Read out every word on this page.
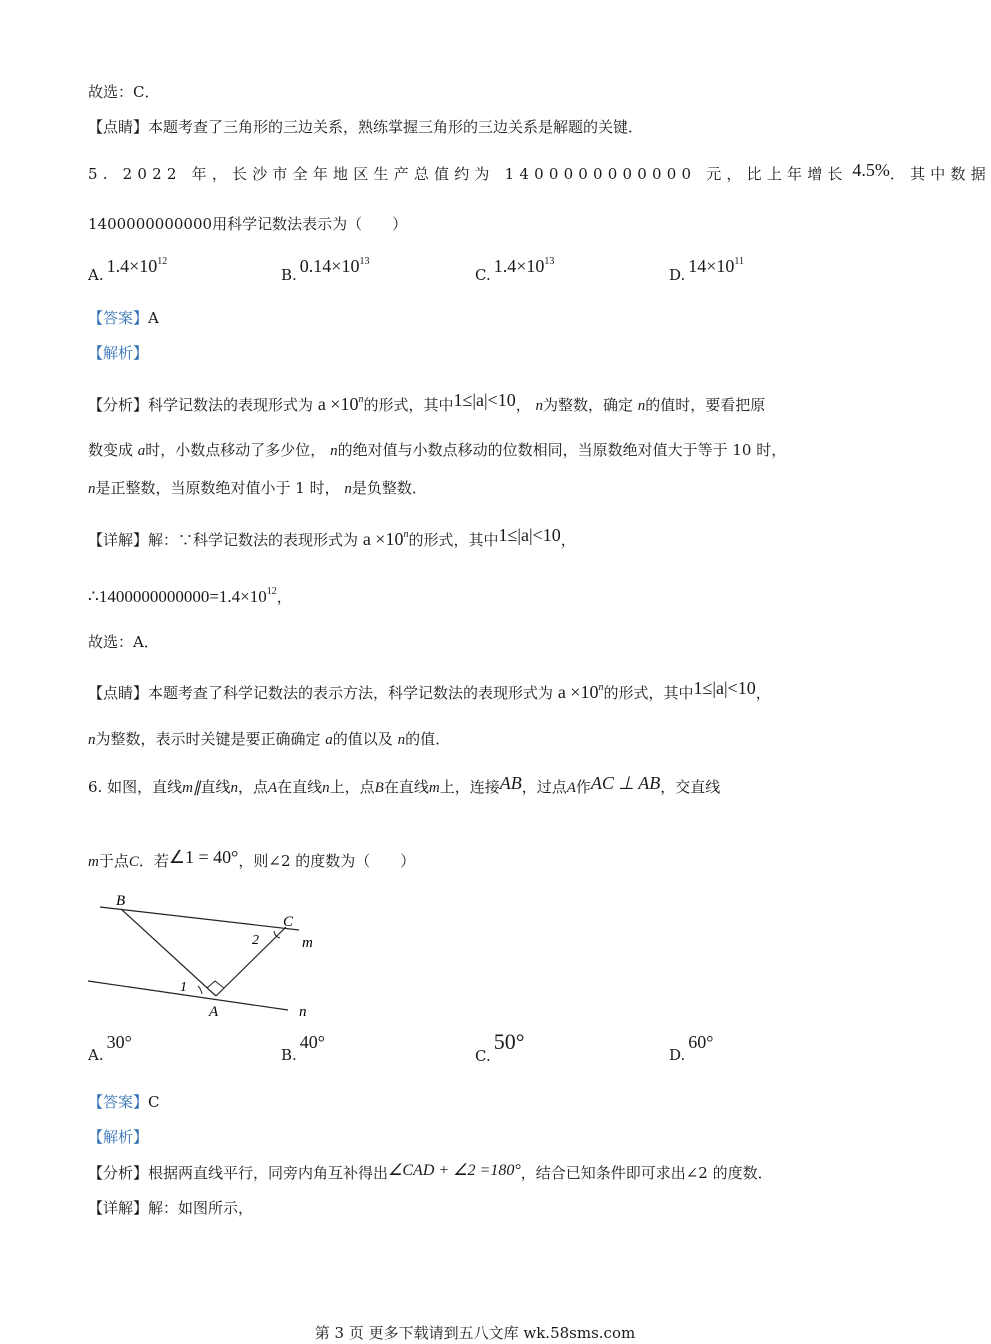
故选：C．
【点睛】本题考查了三角形的三边关系，熟练掌握三角形的三边关系是解题的关键．
5. 2022 年，长沙市全年地区生产总值约为 1400000000000 元，比上年增长 4.5%．其中数据
1400000000000用科学记数法表示为（　　）
A. $1.4\times 10^{12}$
B. $0.14\times 10^{13}$
C. $1.4\times 10^{13}$
D. $14\times 10^{11}$
【答案】A
【解析】
【分析】科学记数法的表现形式为 $a \times 10^n$的形式，其中1≤|a|<10， n为整数，确定 n的值时，要看把原
数变成 a时，小数点移动了多少位， n的绝对值与小数点移动的位数相同，当原数绝对值大于等于 10 时，
n是正整数，当原数绝对值小于 1 时， n是负整数．
【详解】解：∵科学记数法的表现形式为 $a \times 10^n$的形式，其中1≤|a|<10，
$\therefore 1400000000000=1.4\times 10^{12}$，
故选：A．
【点睛】本题考查了科学记数法的表示方法，科学记数法的表现形式为 $a \times 10^n$的形式，其中1≤|a|<10，
n为整数，表示时关键是要正确确定 a的值以及 n的值．
6. 如图，直线m∥直线n，点A在直线n上，点B在直线m上，连接AB，过点A作AC ⊥ AB，交直线
m于点C．若∠1 = 40°，则∠2 的度数为（　　）
B
C
m
2
1
A	n
A.30°
B.40°
C.50°
D.60°
【答案】C
【解析】
【分析】根据两直线平行，同旁内角互补得出∠CAD + ∠2 =180°，结合已知条件即可求出∠2 的度数．
【详解】解：如图所示，
第 3 页 更多下载请到五八文库 wk.58sms.com
